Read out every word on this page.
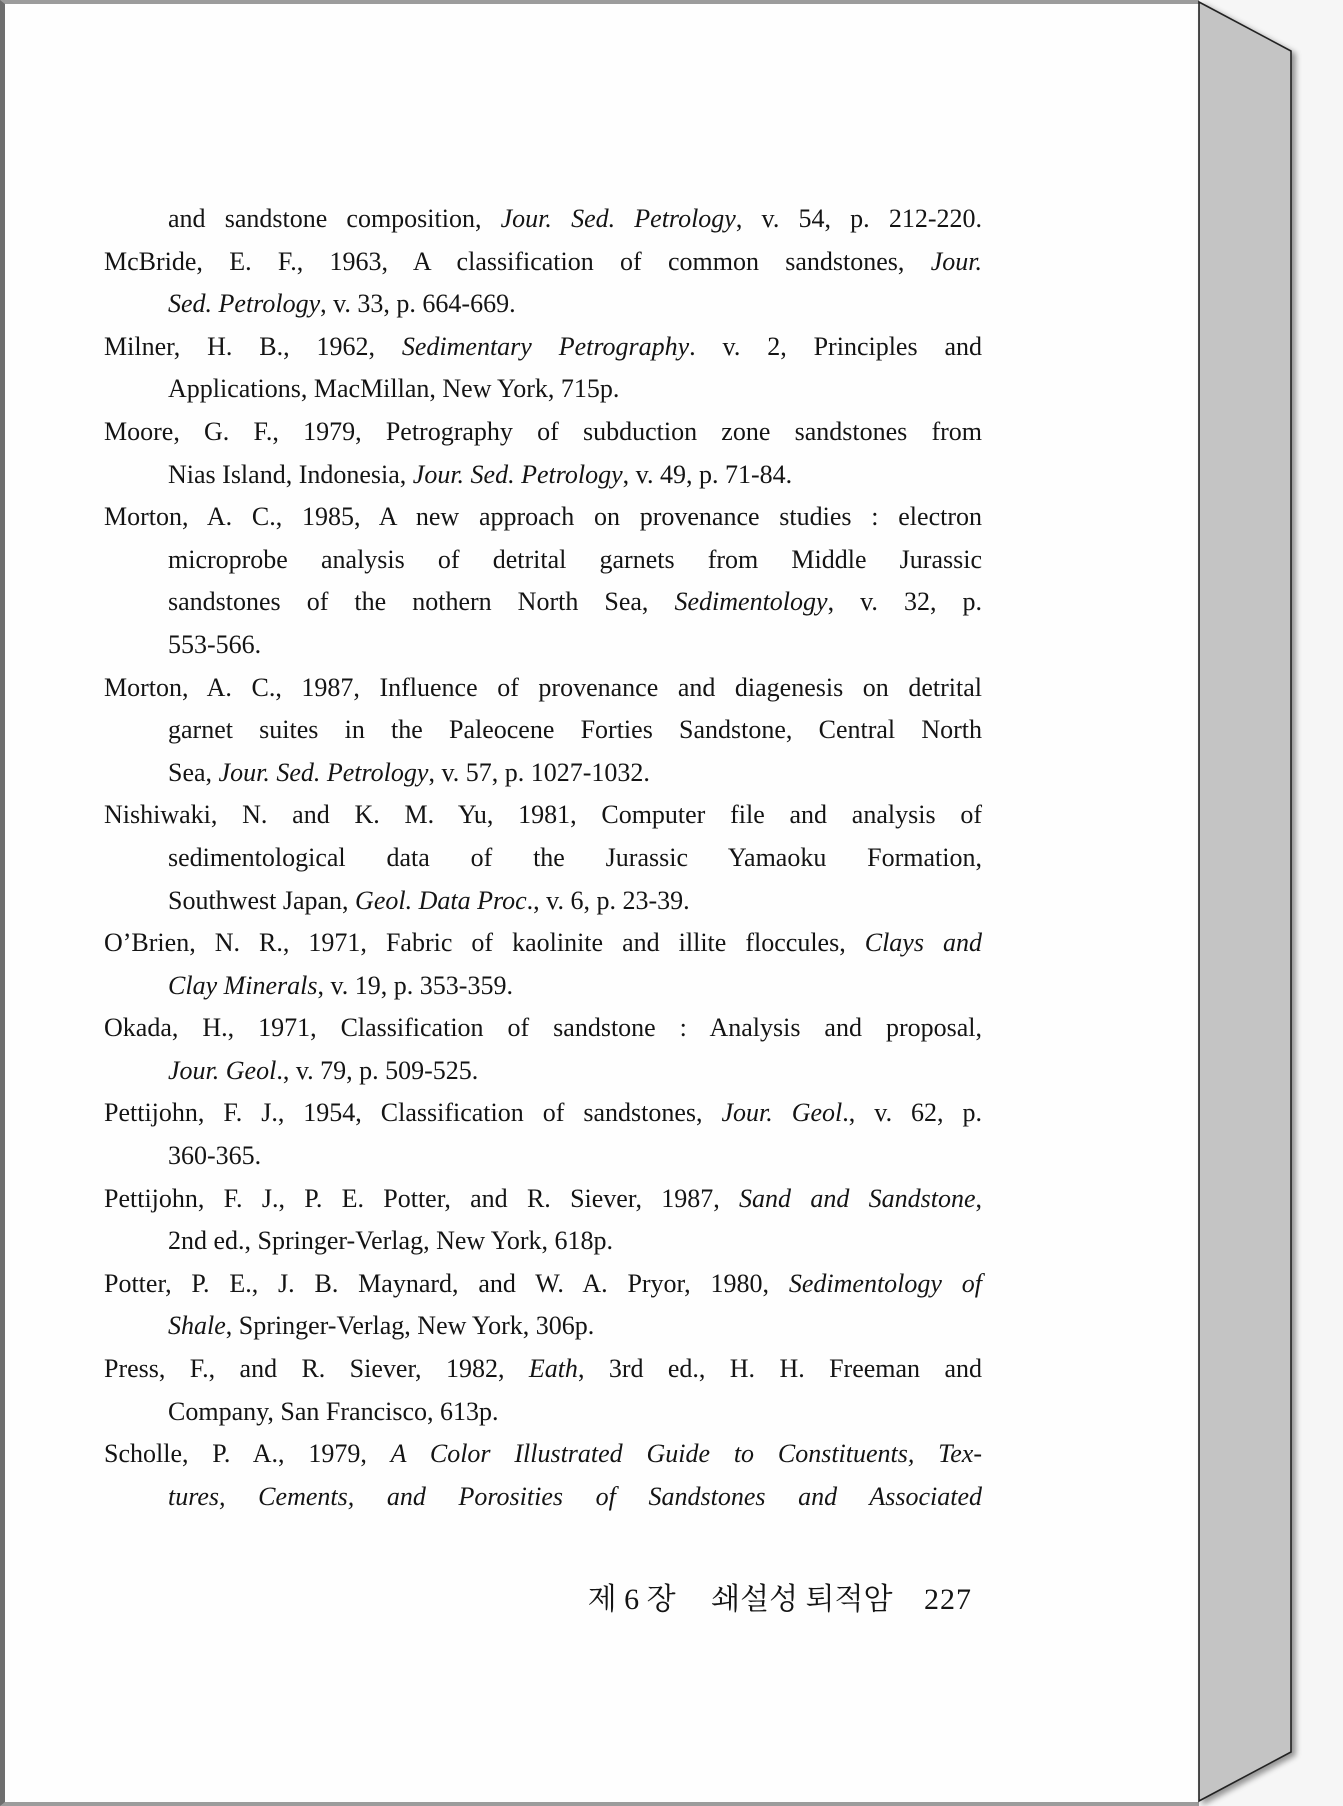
and sandstone composition, Jour. Sed. Petrology, v. 54, p. 212-220.
McBride, E. F., 1963, A classification of common sandstones, Jour.
Sed. Petrology, v. 33, p. 664-669.
Milner, H. B., 1962, Sedimentary Petrography. v. 2, Principles and
Applications, MacMillan, New York, 715p.
Moore, G. F., 1979, Petrography of subduction zone sandstones from
Nias Island, Indonesia, Jour. Sed. Petrology, v. 49, p. 71-84.
Morton, A. C., 1985, A new approach on provenance studies : electron
microprobe analysis of detrital garnets from Middle Jurassic
sandstones of the nothern North Sea, Sedimentology, v. 32, p.
553-566.
Morton, A. C., 1987, Influence of provenance and diagenesis on detrital
garnet suites in the Paleocene Forties Sandstone, Central North
Sea, Jour. Sed. Petrology, v. 57, p. 1027-1032.
Nishiwaki, N. and K. M. Yu, 1981, Computer file and analysis of
sedimentological data of the Jurassic Yamaoku Formation,
Southwest Japan, Geol. Data Proc., v. 6, p. 23-39.
O’Brien, N. R., 1971, Fabric of kaolinite and illite floccules, Clays and
Clay Minerals, v. 19, p. 353-359.
Okada, H., 1971, Classification of sandstone : Analysis and proposal,
Jour. Geol., v. 79, p. 509-525.
Pettijohn, F. J., 1954, Classification of sandstones, Jour. Geol., v. 62, p.
360-365.
Pettijohn, F. J., P. E. Potter, and R. Siever, 1987, Sand and Sandstone,
2nd ed., Springer-Verlag, New York, 618p.
Potter, P. E., J. B. Maynard, and W. A. Pryor, 1980, Sedimentology of
Shale, Springer-Verlag, New York, 306p.
Press, F., and R. Siever, 1982, Eath, 3rd ed., H. H. Freeman and
Company, San Francisco, 613p.
Scholle, P. A., 1979, A Color Illustrated Guide to Constituents, Tex-
tures, Cements, and Porosities of Sandstones and Associated
제 6 장 쇄설성 퇴적암 227
